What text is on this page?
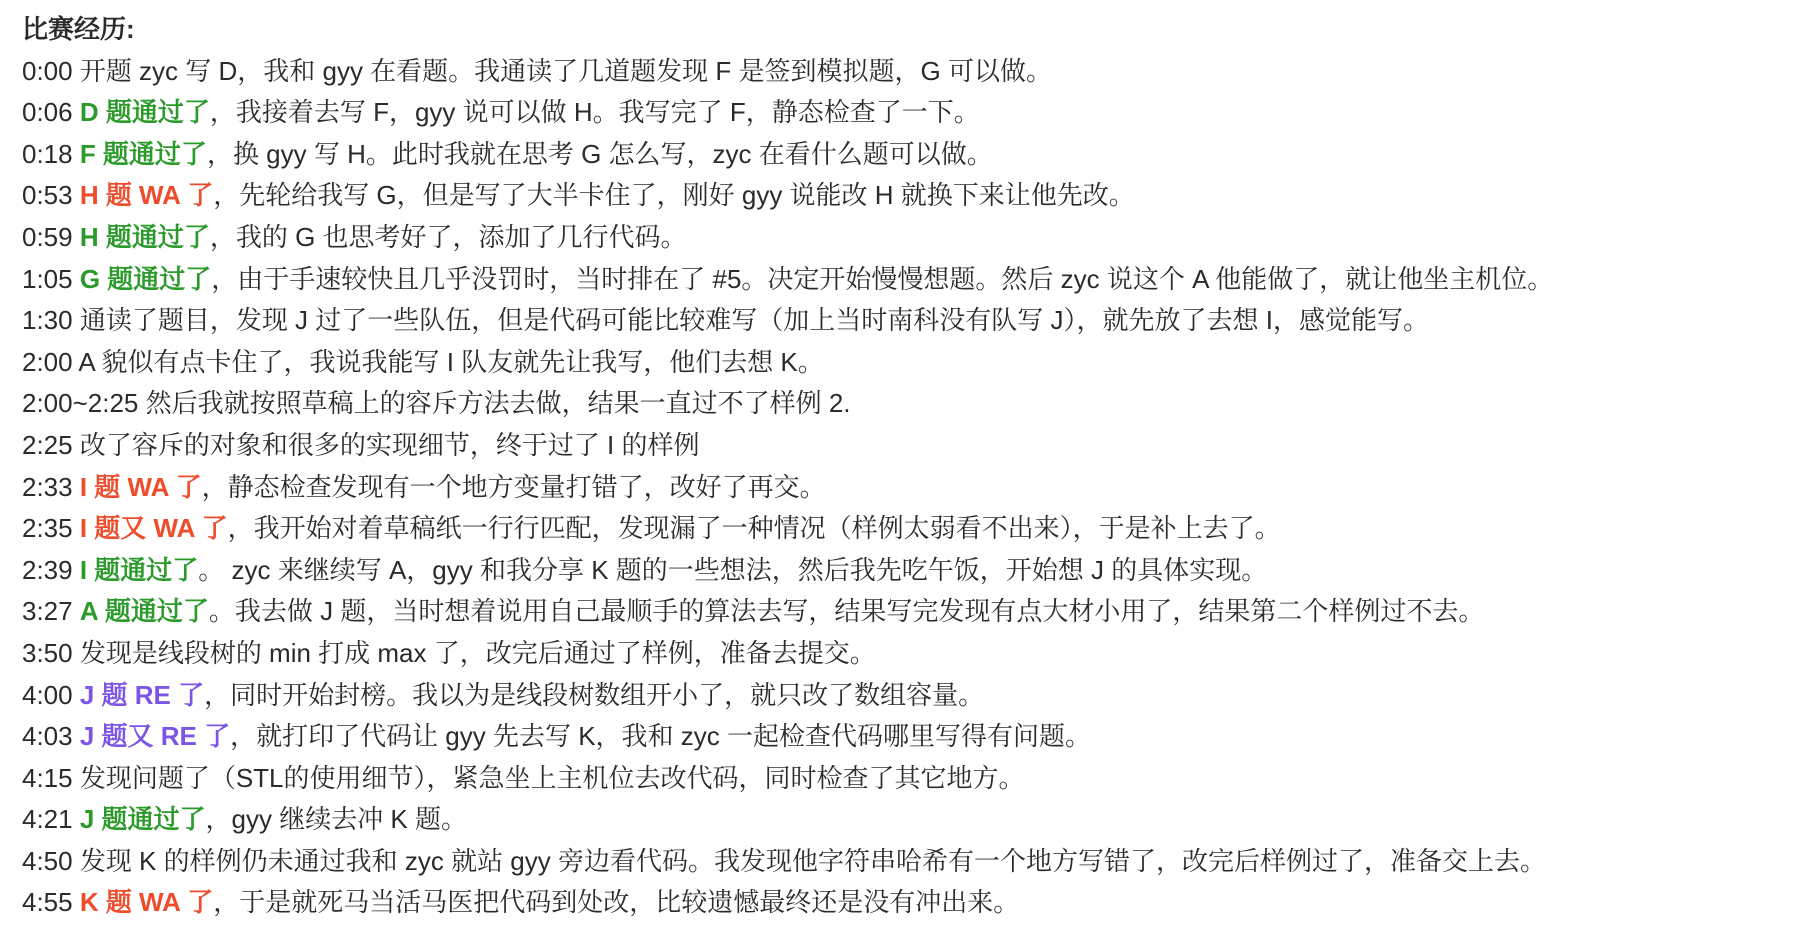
比赛经历:
0:00 开题 zyc 写 D，我和 gyy 在看题。我通读了几道题发现 F 是签到模拟题，G 可以做。
0:06 D 题通过了，我接着去写 F，gyy 说可以做 H。我写完了 F，静态检查了一下。
0:18 F 题通过了，换 gyy 写 H。此时我就在思考 G 怎么写，zyc 在看什么题可以做。
0:53 H 题 WA 了，先轮给我写 G，但是写了大半卡住了，刚好 gyy 说能改 H 就换下来让他先改。
0:59 H 题通过了，我的 G 也思考好了，添加了几行代码。
1:05 G 题通过了，由于手速较快且几乎没罚时，当时排在了 #5。决定开始慢慢想题。然后 zyc 说这个 A 他能做了，就让他坐主机位。
1:30 通读了题目，发现 J 过了一些队伍，但是代码可能比较难写（加上当时南科没有队写 J），就先放了去想 I，感觉能写。
2:00 A 貌似有点卡住了，我说我能写 I 队友就先让我写，他们去想 K。
2:00~2:25 然后我就按照草稿上的容斥方法去做，结果一直过不了样例 2.
2:25 改了容斥的对象和很多的实现细节，终于过了 I 的样例
2:33 I 题 WA 了，静态检查发现有一个地方变量打错了，改好了再交。
2:35 I 题又 WA 了，我开始对着草稿纸一行行匹配，发现漏了一种情况（样例太弱看不出来），于是补上去了。
2:39 I 题通过了。 zyc 来继续写 A，gyy 和我分享 K 题的一些想法，然后我先吃午饭，开始想 J 的具体实现。
3:27 A 题通过了。我去做 J 题，当时想着说用自己最顺手的算法去写，结果写完发现有点大材小用了，结果第二个样例过不去。
3:50 发现是线段树的 min 打成 max 了，改完后通过了样例，准备去提交。
4:00 J 题 RE 了，同时开始封榜。我以为是线段树数组开小了，就只改了数组容量。
4:03 J 题又 RE 了，就打印了代码让 gyy 先去写 K，我和 zyc 一起检查代码哪里写得有问题。
4:15 发现问题了（STL的使用细节），紧急坐上主机位去改代码，同时检查了其它地方。
4:21 J 题通过了，gyy 继续去冲 K 题。
4:50 发现 K 的样例仍未通过我和 zyc 就站 gyy 旁边看代码。我发现他字符串哈希有一个地方写错了，改完后样例过了，准备交上去。
4:55 K 题 WA 了，于是就死马当活马医把代码到处改，比较遗憾最终还是没有冲出来。
